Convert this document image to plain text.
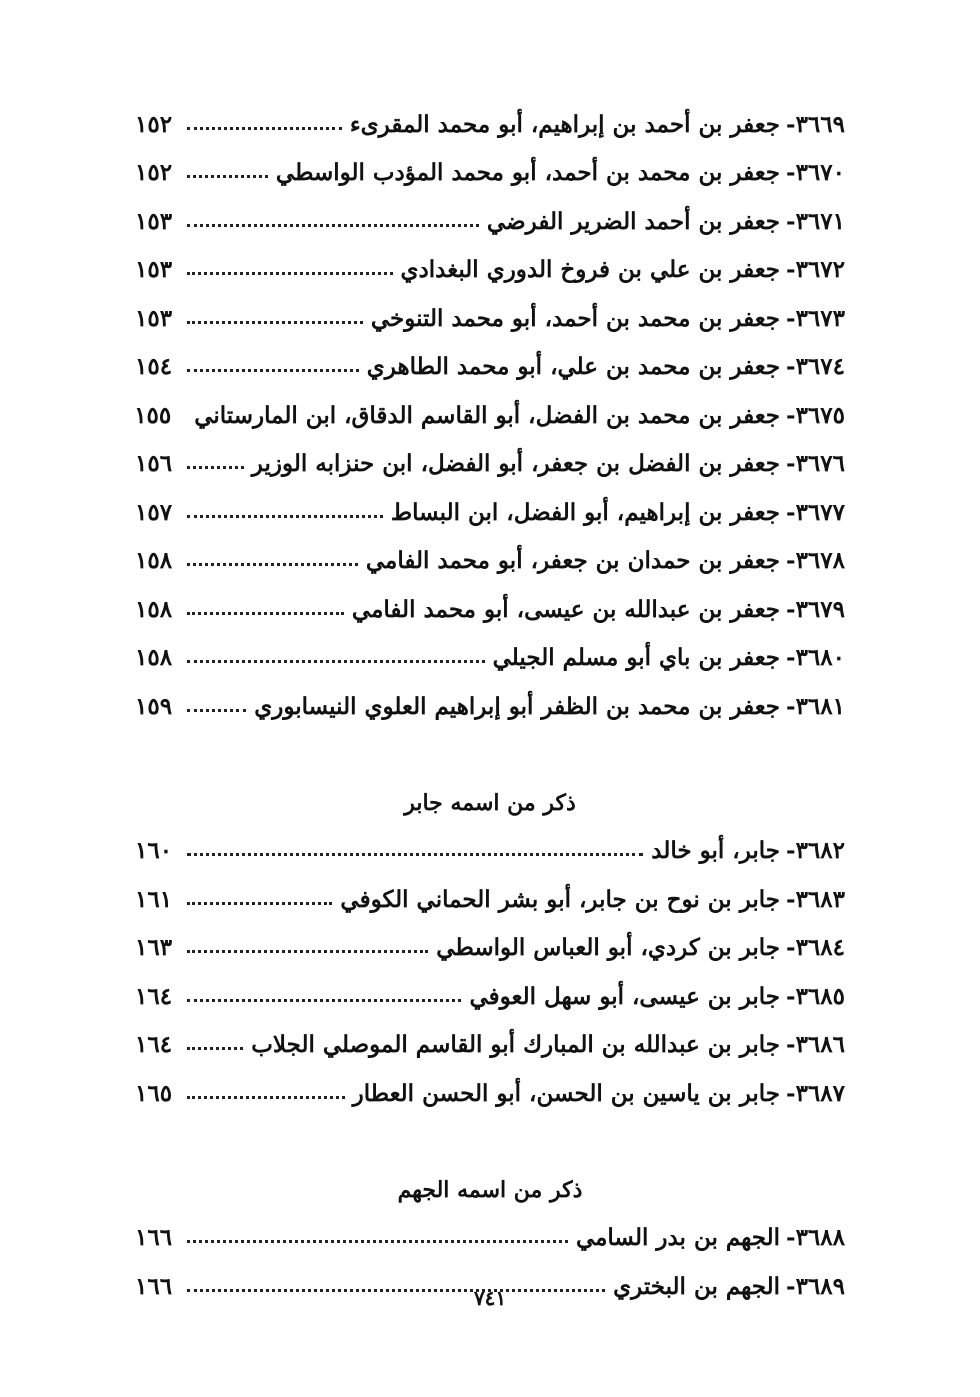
٣٦٦٩
-
جعفر بن أحمد بن إبراهيم، أبو محمد المقرىء
١٥٢
٣٦٧٠
-
جعفر بن محمد بن أحمد، أبو محمد المؤدب الواسطي
١٥٢
٣٦٧١
-
جعفر بن أحمد الضرير الفرضي
١٥٣
٣٦٧٢
-
جعفر بن علي بن فروخ الدوري البغدادي
١٥٣
٣٦٧٣
-
جعفر بن محمد بن أحمد، أبو محمد التنوخي
١٥٣
٣٦٧٤
-
جعفر بن محمد بن علي، أبو محمد الطاهري
١٥٤
٣٦٧٥
-
جعفر بن محمد بن الفضل، أبو القاسم الدقاق، ابن المارستاني
١٥٥
٣٦٧٦
-
جعفر بن الفضل بن جعفر، أبو الفضل، ابن حنزابه الوزير
١٥٦
٣٦٧٧
-
جعفر بن إبراهيم، أبو الفضل، ابن البساط
١٥٧
٣٦٧٨
-
جعفر بن حمدان بن جعفر، أبو محمد الفامي
١٥٨
٣٦٧٩
-
جعفر بن عبدالله بن عيسى، أبو محمد الفامي
١٥٨
٣٦٨٠
-
جعفر بن باي أبو مسلم الجيلي
١٥٨
٣٦٨١
-
جعفر بن محمد بن الظفر أبو إبراهيم العلوي النيسابوري
١٥٩
ذكر من اسمه جابر
٣٦٨٢
-
جابر، أبو خالد
١٦٠
٣٦٨٣
-
جابر بن نوح بن جابر، أبو بشر الحماني الكوفي
١٦١
٣٦٨٤
-
جابر بن كردي، أبو العباس الواسطي
١٦٣
٣٦٨٥
-
جابر بن عيسى، أبو سهل العوفي
١٦٤
٣٦٨٦
-
جابر بن عبدالله بن المبارك أبو القاسم الموصلي الجلاب
١٦٤
٣٦٨٧
-
جابر بن ياسين بن الحسن، أبو الحسن العطار
١٦٥
ذكر من اسمه الجهم
٣٦٨٨
-
الجهم بن بدر السامي
١٦٦
٣٦٨٩
-
الجهم بن البختري
١٦٦	٧٤١
